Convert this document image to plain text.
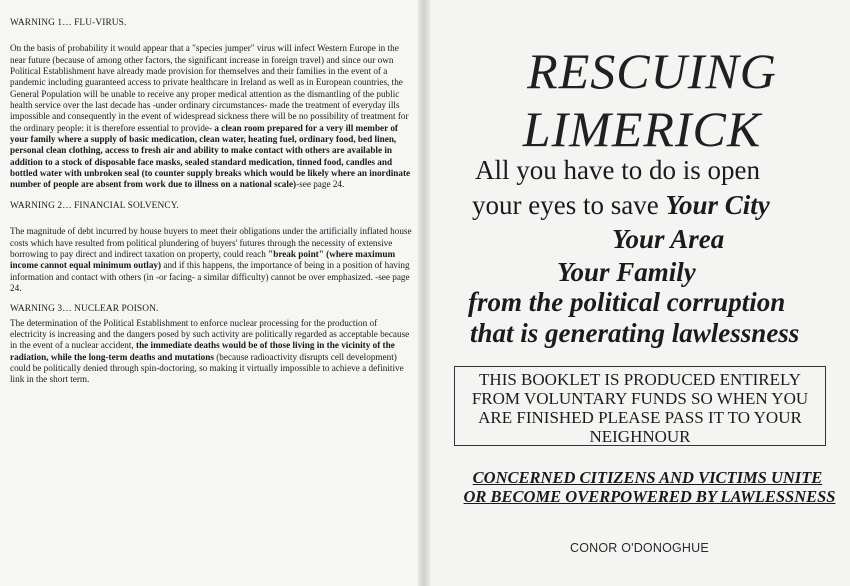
WARNING 1… FLU-VIRUS.

On the basis of probability it would appear that a "species jumper" virus will infect Western Europe in the near future (because of among other factors, the significant increase in foreign travel) and since our own Political Establishment have already made provision for themselves and their families in the event of a pandemic including guaranteed access to private healthcare in Ireland as well as in European countries, the General Population will be unable to receive any proper medical attention as the dismantling of the public health service over the last decade has -under ordinary circumstances- made the treatment of everyday ills impossible and consequently in the event of widespread sickness there will be no possibility of treatment for the ordinary people: it is therefore essential to provide- a clean room prepared for a very ill member of your family where a supply of basic medication, clean water, heating fuel, ordinary food, bed linen, personal clean clothing, access to fresh air and ability to make contact with others are available in addition to a stock of disposable face masks, sealed standard medication, tinned food, candles and bottled water with unbroken seal (to counter supply breaks which would be likely where an inordinate number of people are absent from work due to illness on a national scale)-see page 24.

WARNING 2… FINANCIAL SOLVENCY.

The magnitude of debt incurred by house buyers to meet their obligations under the artificially inflated house costs which have resulted from political plundering of buyers' futures through the necessity of extensive borrowing to pay direct and indirect taxation on property, could reach "break point" (where maximum income cannot equal minimum outlay) and if this happens, the importance of being in a position of having information and contact with others (in -or facing- a similar difficulty) cannot be over emphasized. -see page 24.

WARNING 3… NUCLEAR POISON.

The determination of the Political Establishment to enforce nuclear processing for the production of electricity is increasing and the dangers posed by such activity are politically regarded as acceptable because in the event of a nuclear accident, the immediate deaths would be of those living in the vicinity of the radiation, while the long-term deaths and mutations (because radioactivity disrupts cell development) could be politically denied through spin-doctoring, so making it virtually impossible to achieve a definitive link in the short term.

RESCUING
LIMERICK
All you have to do is open
your eyes to save Your City
Your Area
Your Family
from the political corruption
that is generating lawlessness
THIS BOOKLET IS PRODUCED ENTIRELY FROM VOLUNTARY FUNDS SO WHEN YOU ARE FINISHED PLEASE PASS IT TO YOUR NEIGHNOUR
CONCERNED CITIZENS AND VICTIMS UNITE
OR BECOME OVERPOWERED BY LAWLESSNESS
CONOR O'DONOGHUE
